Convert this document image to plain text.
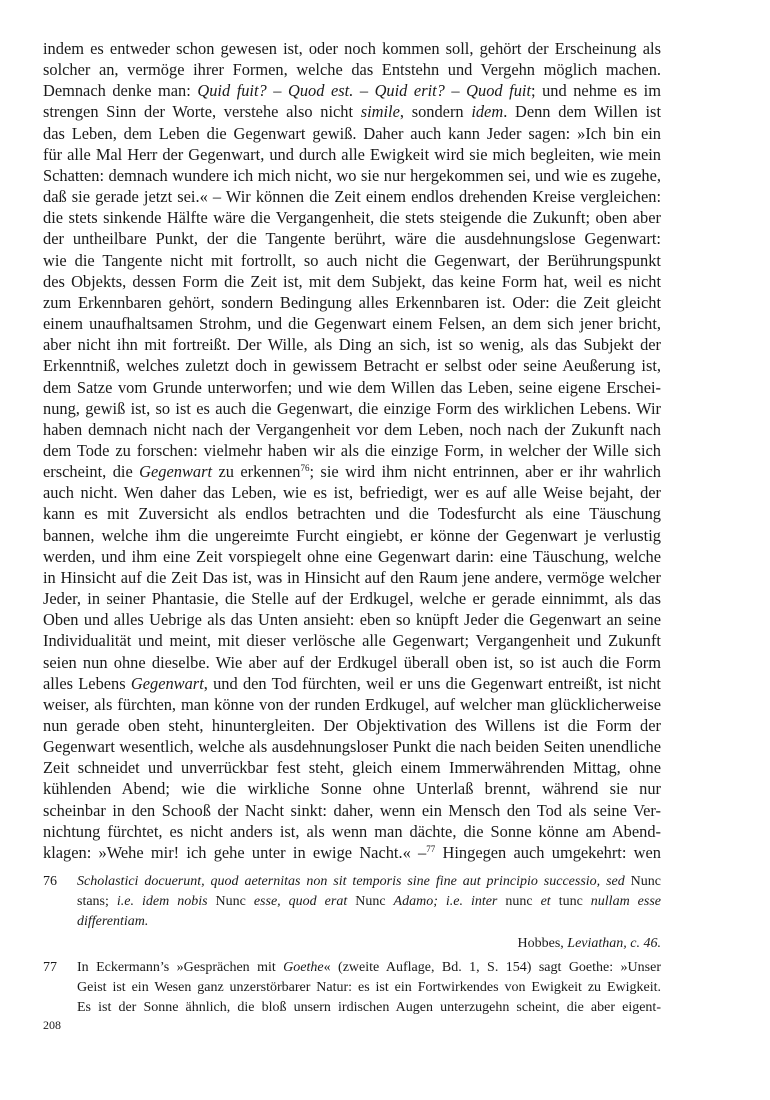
indem es entweder schon gewesen ist, oder noch kommen soll, gehört der Erscheinung als

solcher an, vermöge ihrer Formen, welche das Entstehn und Vergehn möglich machen.

Demnach denke man: Quid fuit? – Quod est. – Quid erit? – Quod fuit; und nehme es im

strengen Sinn der Worte, verstehe also nicht simile, sondern idem. Denn dem Willen ist

das Leben, dem Leben die Gegenwart gewiß. Daher auch kann Jeder sagen: »Ich bin ein

für alle Mal Herr der Gegenwart, und durch alle Ewigkeit wird sie mich begleiten, wie mein

Schatten: demnach wundere ich mich nicht, wo sie nur hergekommen sei, und wie es zugehe,

daß sie gerade jetzt sei.« – Wir können die Zeit einem endlos drehenden Kreise vergleichen:

die stets sinkende Hälfte wäre die Vergangenheit, die stets steigende die Zukunft; oben aber

der untheilbare Punkt, der die Tangente berührt, wäre die ausdehnungslose Gegenwart:

wie die Tangente nicht mit fortrollt, so auch nicht die Gegenwart, der Berührungspunkt

des Objekts, dessen Form die Zeit ist, mit dem Subjekt, das keine Form hat, weil es nicht

zum Erkennbaren gehört, sondern Bedingung alles Erkennbaren ist. Oder: die Zeit gleicht

einem unaufhaltsamen Strohm, und die Gegenwart einem Felsen, an dem sich jener bricht,

aber nicht ihn mit fortreißt. Der Wille, als Ding an sich, ist so wenig, als das Subjekt der

Erkenntniß, welches zuletzt doch in gewissem Betracht er selbst oder seine Aeußerung ist,

dem Satze vom Grunde unterworfen; und wie dem Willen das Leben, seine eigene Erschei-

nung, gewiß ist, so ist es auch die Gegenwart, die einzige Form des wirklichen Lebens. Wir

haben demnach nicht nach der Vergangenheit vor dem Leben, noch nach der Zukunft nach

dem Tode zu forschen: vielmehr haben wir als die einzige Form, in welcher der Wille sich

erscheint, die Gegenwart zu erkennen$^{76}$; sie wird ihm nicht entrinnen, aber er ihr wahrlich

auch nicht. Wen daher das Leben, wie es ist, befriedigt, wer es auf alle Weise bejaht, der

kann es mit Zuversicht als endlos betrachten und die Todesfurcht als eine Täuschung

bannen, welche ihm die ungereimte Furcht eingiebt, er könne der Gegenwart je verlustig

werden, und ihm eine Zeit vorspiegelt ohne eine Gegenwart darin: eine Täuschung, welche

in Hinsicht auf die Zeit Das ist, was in Hinsicht auf den Raum jene andere, vermöge welcher

Jeder, in seiner Phantasie, die Stelle auf der Erdkugel, welche er gerade einnimmt, als das

Oben und alles Uebrige als das Unten ansieht: eben so knüpft Jeder die Gegenwart an seine

Individualität und meint, mit dieser verlösche alle Gegenwart; Vergangenheit und Zukunft

seien nun ohne dieselbe. Wie aber auf der Erdkugel überall oben ist, so ist auch die Form

alles Lebens Gegenwart, und den Tod fürchten, weil er uns die Gegenwart entreißt, ist nicht

weiser, als fürchten, man könne von der runden Erdkugel, auf welcher man glücklicherweise

nun gerade oben steht, hinuntergleiten. Der Objektivation des Willens ist die Form der

Gegenwart wesentlich, welche als ausdehnungsloser Punkt die nach beiden Seiten unendliche

Zeit schneidet und unverrückbar fest steht, gleich einem Immerwährenden Mittag, ohne

kühlenden Abend; wie die wirkliche Sonne ohne Unterlaß brennt, während sie nur

scheinbar in den Schooß der Nacht sinkt: daher, wenn ein Mensch den Tod als seine Ver-

nichtung fürchtet, es nicht anders ist, als wenn man dächte, die Sonne könne am Abend-

klagen: »Wehe mir! ich gehe unter in ewige Nacht.« –$^{77}$ Hingegen auch umgekehrt: wen

76	Scholastici docuerunt, quod aeternitas non sit temporis sine fine aut principio successio, sed Nunc
stans; i.e. idem nobis Nunc esse, quod erat Nunc Adamo; i.e. inter nunc et tunc nullam esse
differentiam.
Hobbes, Leviathan, c. 46.
77	In Eckermann’s »Gesprächen mit Goethe« (zweite Auflage, Bd. 1, S. 154) sagt Goethe: »Unser
Geist ist ein Wesen ganz unzerstörbarer Natur: es ist ein Fortwirkendes von Ewigkeit zu Ewigkeit.
Es ist der Sonne ähnlich, die bloß unsern irdischen Augen unterzugehn scheint, die aber eigent-
208
